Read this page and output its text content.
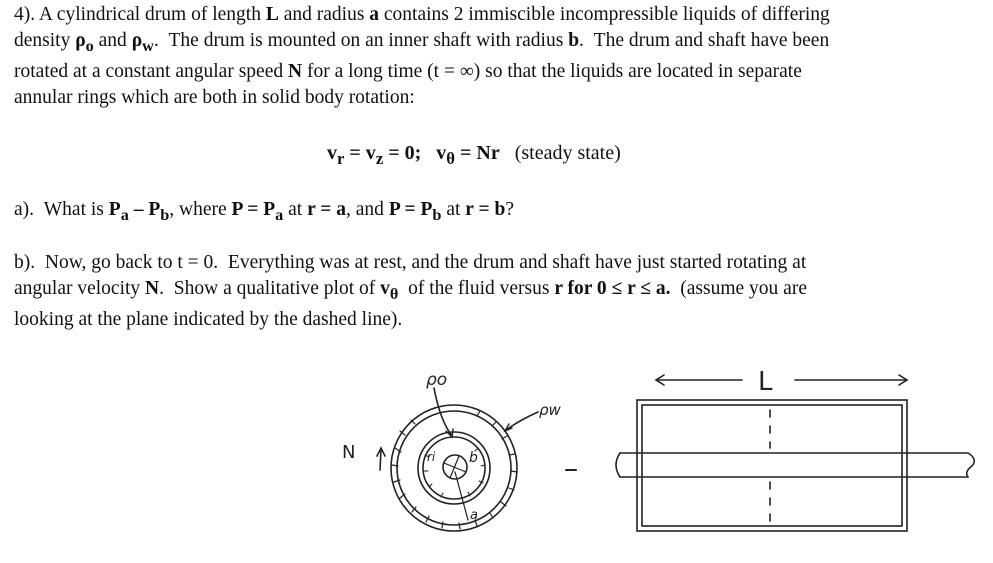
4). A cylindrical drum of length L and radius a contains 2 immiscible incompressible liquids of differing
density $\rho_o$ and $\rho_w$.  The drum is mounted on an inner shaft with radius b.  The drum and shaft have been
rotated at a constant angular speed N for a long time (t = ∞) so that the liquids are located in separate
annular rings which are both in solid body rotation:
$v_r = v_z = 0$; $v_\theta = Nr$   (steady state)
a).  What is $P_a - P_b$, where $P = P_a$ at r = a, and $P = P_b$ at r = b?
b).  Now, go back to t = 0.  Everything was at rest, and the drum and shaft have just started rotating at
angular velocity N.  Show a qualitative plot of $v_\theta$  of the fluid versus r for 0 ≤ r ≤ a.  (assume you are
looking at the plane indicated by the dashed line).
ρo
ρw
N	ri b
a
L
